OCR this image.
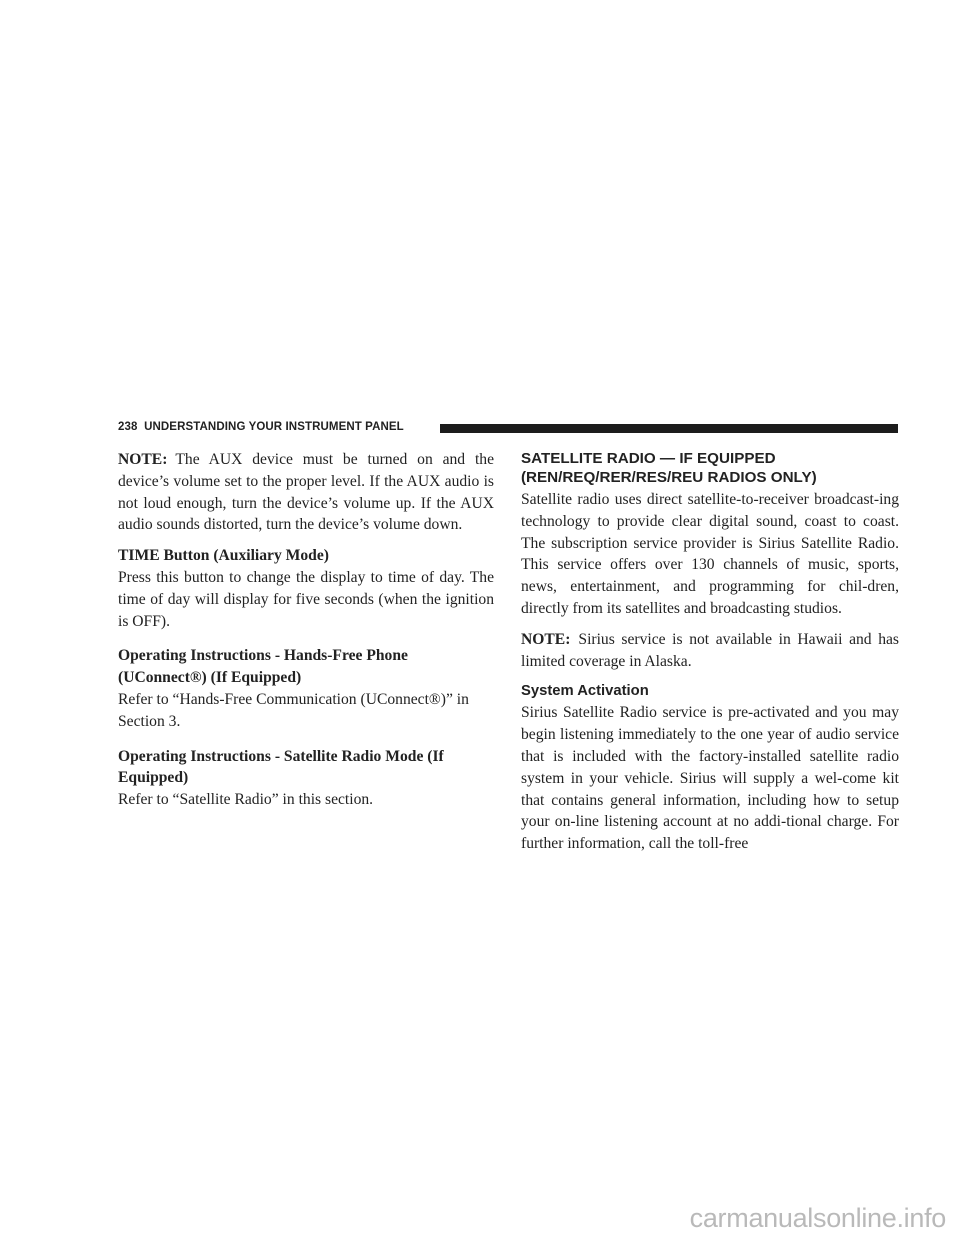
238 UNDERSTANDING YOUR INSTRUMENT PANEL

NOTE: The AUX device must be turned on and the device’s volume set to the proper level. If the AUX audio is not loud enough, turn the device’s volume up. If the AUX audio sounds distorted, turn the device’s volume down.

TIME Button (Auxiliary Mode)

Press this button to change the display to time of day. The time of day will display for five seconds (when the ignition is OFF).

Operating Instructions - Hands-Free Phone (UConnect®) (If Equipped)

Refer to “Hands-Free Communication (UConnect®)” in Section 3.

Operating Instructions - Satellite Radio Mode (If Equipped)

Refer to “Satellite Radio” in this section.

SATELLITE RADIO — IF EQUIPPED
(REN/REQ/RER/RES/REU RADIOS ONLY)

Satellite radio uses direct satellite-to-receiver broadcast-ing technology to provide clear digital sound, coast to coast. The subscription service provider is Sirius Satellite Radio. This service offers over 130 channels of music, sports, news, entertainment, and programming for chil-dren, directly from its satellites and broadcasting studios.

NOTE: Sirius service is not available in Hawaii and has limited coverage in Alaska.

System Activation

Sirius Satellite Radio service is pre-activated and you may begin listening immediately to the one year of audio service that is included with the factory-installed satellite radio system in your vehicle. Sirius will supply a wel-come kit that contains general information, including how to setup your on-line listening account at no addi-tional charge. For further information, call the toll-free

carmanualsonline.info
